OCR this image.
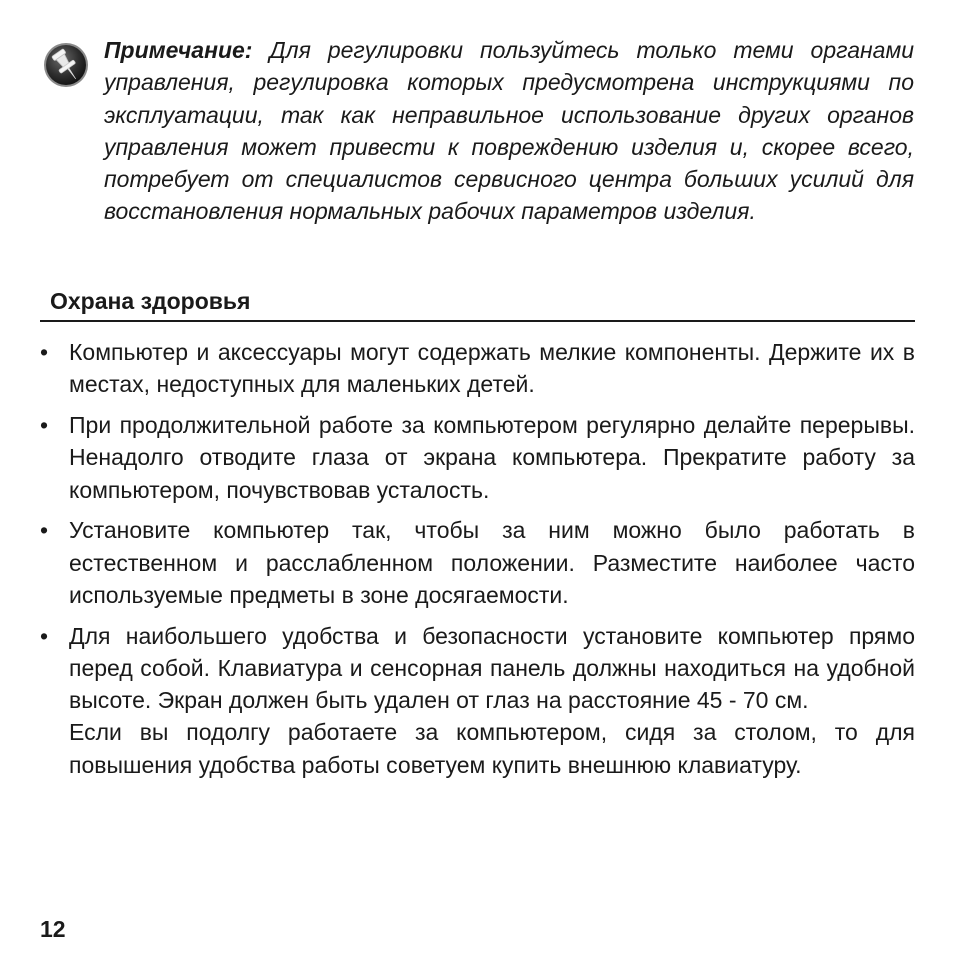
Примечание: Для регулировки пользуйтесь только теми органами управления, регулировка которых предусмотрена инструкциями по эксплуатации, так как неправильное использование других органов управления может привести к повреждению изделия и, скорее всего, потребует от специалистов сервисного центра больших усилий для восстановления нормальных рабочих параметров изделия.
Охрана здоровья
• Компьютер и аксессуары могут содержать мелкие компоненты. Держите их в местах, недоступных для маленьких детей.

• При продолжительной работе за компьютером регулярно делайте перерывы. Ненадолго отводите глаза от экрана компьютера. Прекратите работу за компьютером, почувствовав усталость.

• Установите компьютер так, чтобы за ним можно было работать в естественном и расслабленном положении. Разместите наиболее часто используемые предметы в зоне досягаемости.

• Для наибольшего удобства и безопасности установите компьютер прямо перед собой. Клавиатура и сенсорная панель должны находиться на удобной высоте. Экран должен быть удален от глаз на расстояние 45 - 70 см.

Если вы подолгу работаете за компьютером, сидя за столом, то для повышения удобства работы советуем купить внешнюю клавиатуру.

12
